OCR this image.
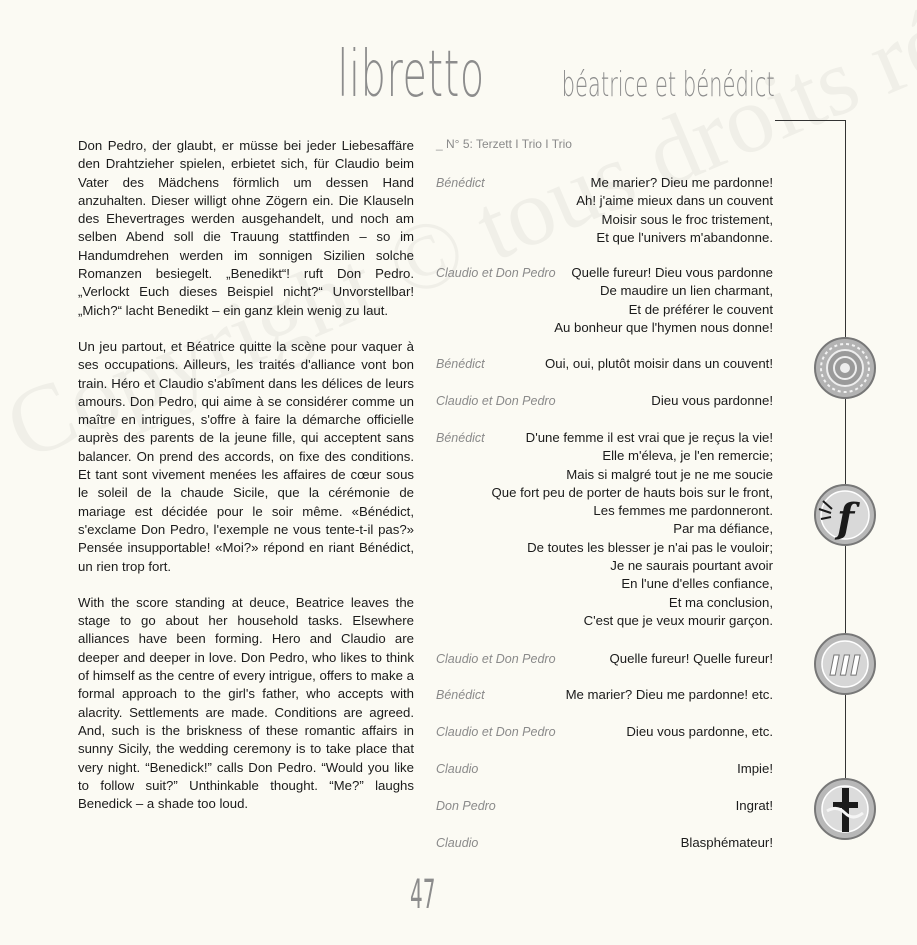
libretto béatrice et bénédict

Don Pedro, der glaubt, er müsse bei jeder Liebesaffäre den Drahtzieher spielen, erbietet sich, für Claudio beim Vater des Mädchens förmlich um dessen Hand anzuhalten. Dieser willigt ohne Zögern ein. Die Klauseln des Ehevertrages werden ausgehandelt, und noch am selben Abend soll die Trauung stattfinden – so im Handumdrehen werden im sonnigen Sizilien solche Romanzen besiegelt. „Benedikt“! ruft Don Pedro. „Verlockt Euch dieses Beispiel nicht?“ Unvorstellbar! „Mich?“ lacht Benedikt – ein ganz klein wenig zu laut.

Un jeu partout, et Béatrice quitte la scène pour vaquer à ses occupations. Ailleurs, les traités d'alliance vont bon train. Héro et Claudio s'abîment dans les délices de leurs amours. Don Pedro, qui aime à se considérer comme un maître en intrigues, s'offre à faire la démarche officielle auprès des parents de la jeune fille, qui acceptent sans balancer. On prend des accords, on fixe des conditions. Et tant sont vivement menées les affaires de cœur sous le soleil de la chaude Sicile, que la cérémonie de mariage est décidée pour le soir même. «Bénédict, s'exclame Don Pedro, l'exemple ne vous tente-t-il pas?» Pensée insupportable! «Moi?» répond en riant Bénédict, un rien trop fort.

With the score standing at deuce, Beatrice leaves the stage to go about her household tasks. Elsewhere alliances have been forming. Hero and Claudio are deeper and deeper in love. Don Pedro, who likes to think of himself as the centre of every intrigue, offers to make a formal approach to the girl's father, who accepts with alacrity. Settlements are made. Conditions are agreed. And, such is the briskness of these romantic affairs in sunny Sicily, the wedding ceremony is to take place that very night. “Benedick!” calls Don Pedro. “Would you like to follow suit?” Unthinkable thought. “Me?” laughs Benedick – a shade too loud.

_ N° 5: Terzett I Trio I Trio
Bénédict	Me marier? Dieu me pardonne!
Ah! j'aime mieux dans un couvent
Moisir sous le froc tristement,
Et que l'univers m'abandonne.
Claudio et Don Pedro	Quelle fureur! Dieu vous pardonne
De maudire un lien charmant,
Et de préférer le couvent
Au bonheur que l'hymen nous donne!
Bénédict	Oui, oui, plutôt moisir dans un couvent!
Claudio et Don Pedro	Dieu vous pardonne!
Bénédict	D'une femme il est vrai que je reçus la vie!
Elle m'éleva, je l'en remercie;
Mais si malgré tout je ne me soucie
Que fort peu de porter de hauts bois sur le front,
Les femmes me pardonneront.
Par ma défiance,
De toutes les blesser je n'ai pas le vouloir;
Je ne saurais pourtant avoir
En l'une d'elles confiance,
Et ma conclusion,
C'est que je veux mourir garçon.
Claudio et Don Pedro	Quelle fureur! Quelle fureur!
Bénédict	Me marier? Dieu me pardonne! etc.
Claudio et Don Pedro	Dieu vous pardonne, etc.
Claudio	Impie!
Don Pedro	Ingrat!
Claudio	Blasphémateur!
f
III
47
